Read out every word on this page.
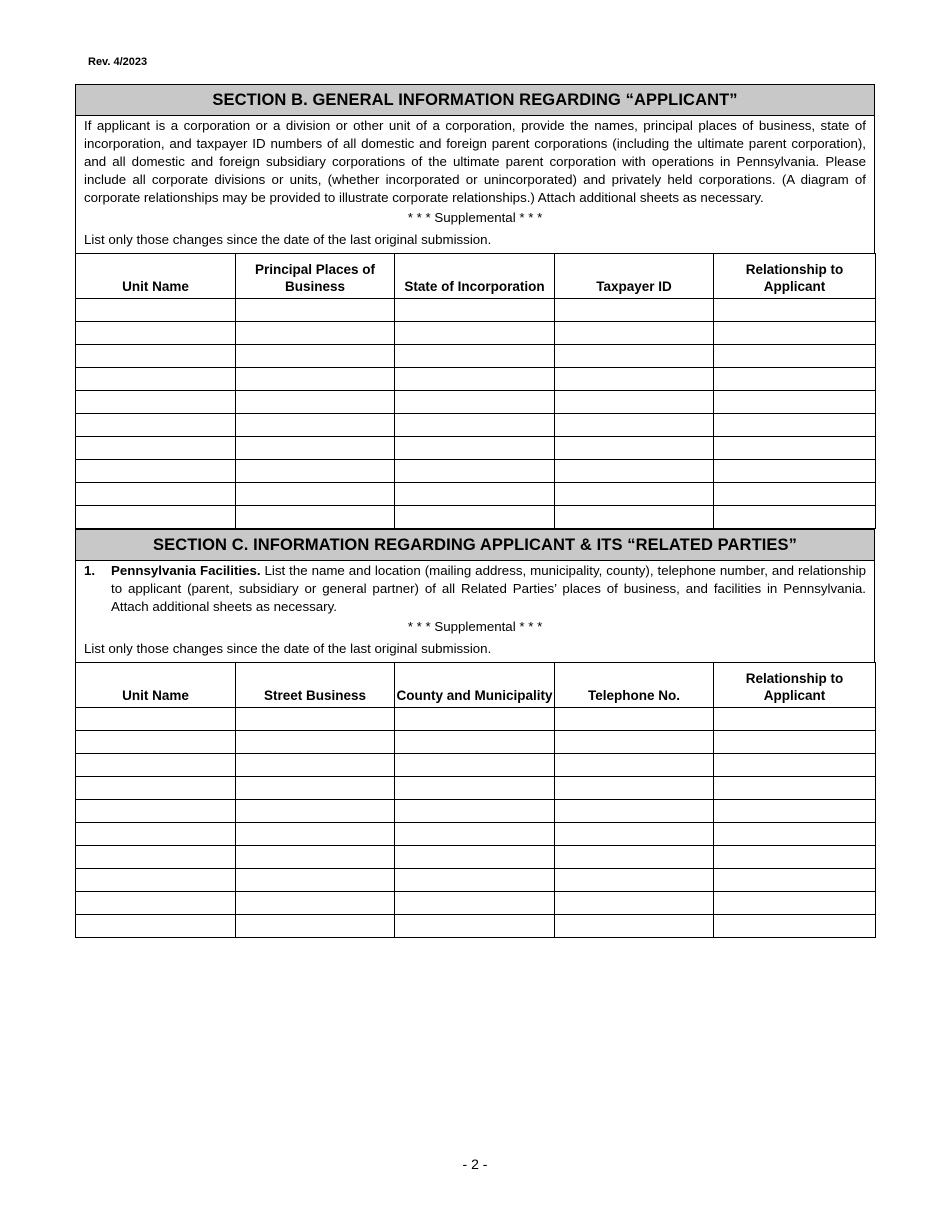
Rev. 4/2023
SECTION B. GENERAL INFORMATION REGARDING “APPLICANT”

If applicant is a corporation or a division or other unit of a corporation, provide the names, principal places of business, state of incorporation, and taxpayer ID numbers of all domestic and foreign parent corporations (including the ultimate parent corporation), and all domestic and foreign subsidiary corporations of the ultimate parent corporation with operations in Pennsylvania. Please include all corporate divisions or units, (whether incorporated or unincorporated) and privately held corporations. (A diagram of corporate relationships may be provided to illustrate corporate relationships.) Attach additional sheets as necessary.

* * * Supplemental * * *

List only those changes since the date of the last original submission.

Unit Name	Principal Places of Business	State of Incorporation	Taxpayer ID	Relationship to Applicant

SECTION C. INFORMATION REGARDING APPLICANT & ITS “RELATED PARTIES”
1.	Pennsylvania Facilities. List the name and location (mailing address, municipality, county), telephone number, and relationship to applicant (parent, subsidiary or general partner) of all Related Parties’ places of business, and facilities in Pennsylvania. Attach additional sheets as necessary.
* * * Supplemental * * *

List only those changes since the date of the last original submission.

Unit Name	Street Business	County and Municipality	Telephone No.	Relationship to Applicant

- 2 -
